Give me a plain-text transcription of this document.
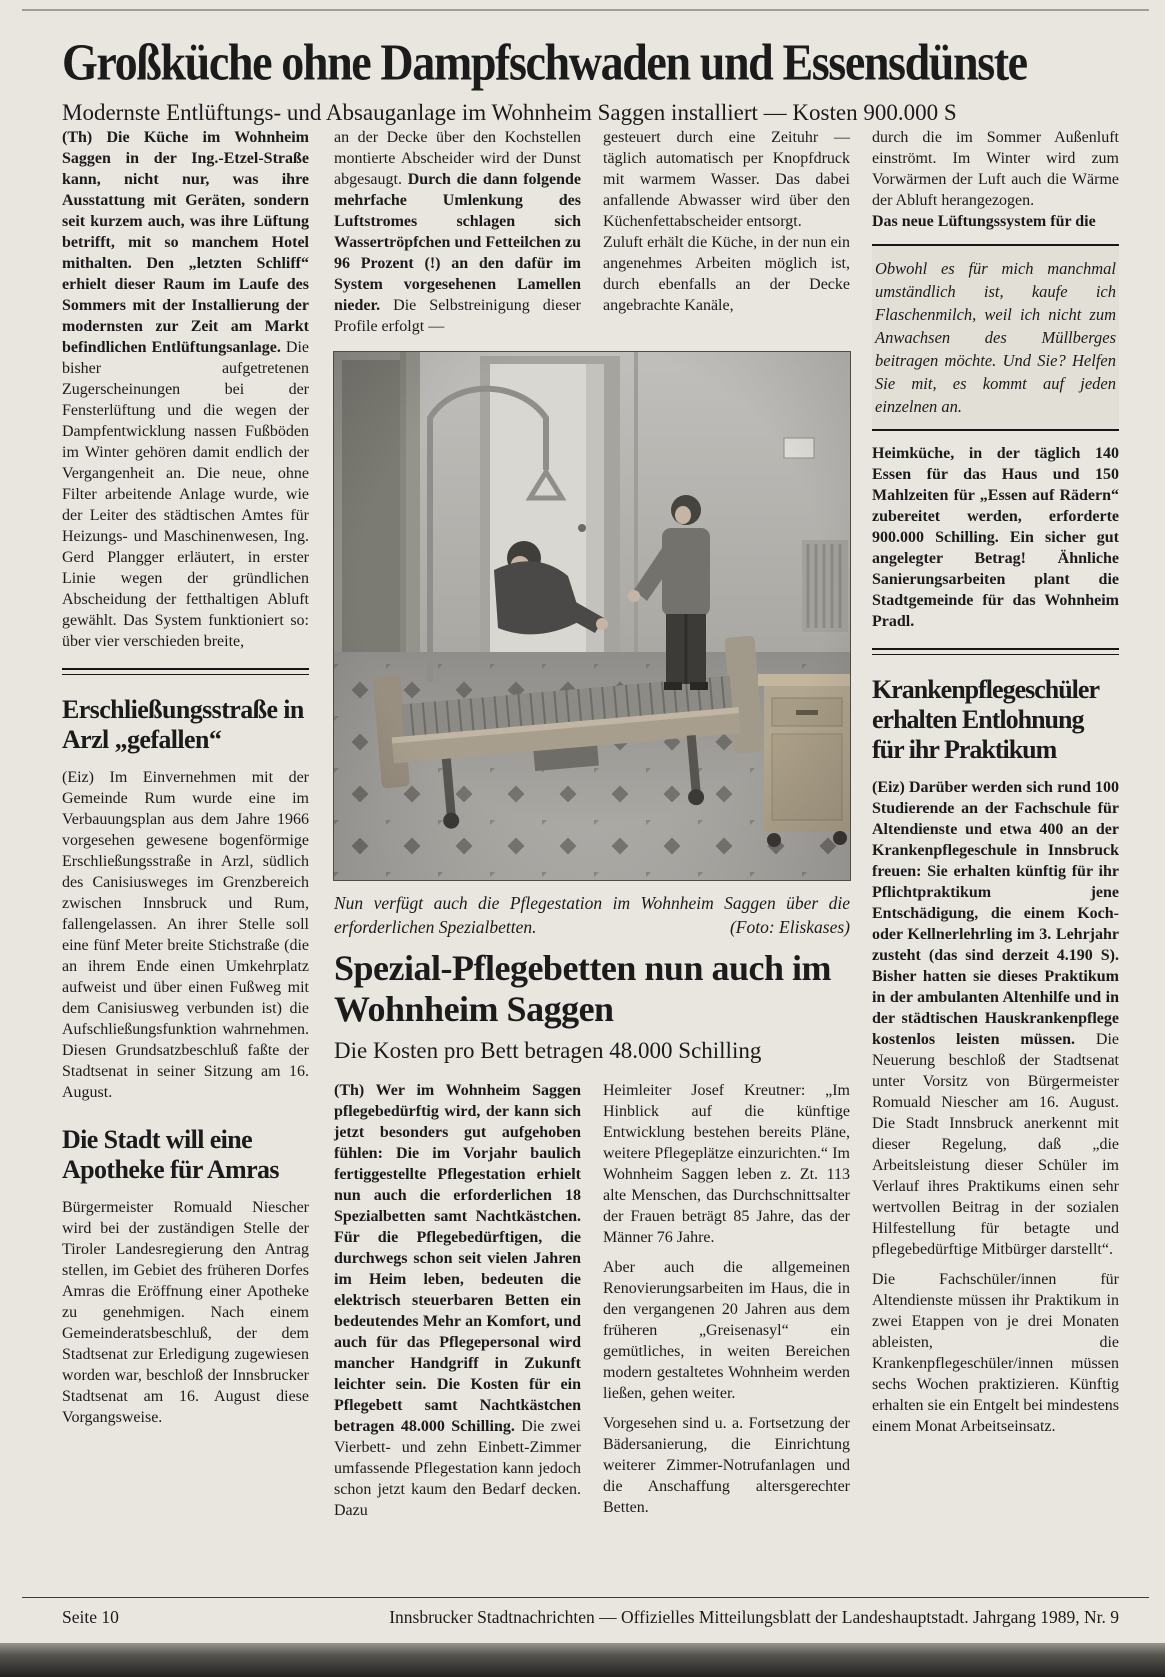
Großküche ohne Dampfschwaden und Essensdünste

Modernste Entlüftungs- und Absauganlage im Wohnheim Saggen installiert — Kosten 900.000 S

(Th) Die Küche im Wohnheim Saggen in der Ing.-Etzel-Straße kann, nicht nur, was ihre Ausstattung mit Geräten, sondern seit kurzem auch, was ihre Lüftung betrifft, mit so manchem Hotel mithalten. Den „letzten Schliff“ erhielt dieser Raum im Laufe des Sommers mit der Installierung der modernsten zur Zeit am Markt befindlichen Entlüftungsanlage. Die bisher aufgetretenen Zugerscheinungen bei der Fensterlüftung und die wegen der Dampfentwicklung nassen Fußböden im Winter gehören damit endlich der Vergangenheit an. Die neue, ohne Filter arbeitende Anlage wurde, wie der Leiter des städtischen Amtes für Heizungs- und Maschinenwesen, Ing. Gerd Plangger erläutert, in erster Linie wegen der gründlichen Abscheidung der fetthaltigen Abluft gewählt. Das System funktioniert so: über vier verschieden breite,

Erschließungsstraße in Arzl „gefallen“

(Eiz) Im Einvernehmen mit der Gemeinde Rum wurde eine im Verbauungsplan aus dem Jahre 1966 vorgesehen gewesene bogenförmige Erschließungsstraße in Arzl, südlich des Canisiusweges im Grenzbereich zwischen Innsbruck und Rum, fallengelassen. An ihrer Stelle soll eine fünf Meter breite Stichstraße (die an ihrem Ende einen Umkehrplatz aufweist und über einen Fußweg mit dem Canisiusweg verbunden ist) die Aufschließungsfunktion wahrnehmen. Diesen Grundsatzbeschluß faßte der Stadtsenat in seiner Sitzung am 16. August.

Die Stadt will eine Apotheke für Amras

Bürgermeister Romuald Niescher wird bei der zuständigen Stelle der Tiroler Landesregierung den Antrag stellen, im Gebiet des früheren Dorfes Amras die Eröffnung einer Apotheke zu genehmigen. Nach einem Gemeinderatsbeschluß, der dem Stadtsenat zur Erledigung zugewiesen worden war, beschloß der Innsbrucker Stadtsenat am 16. August diese Vorgangsweise.

an der Decke über den Kochstellen montierte Abscheider wird der Dunst abgesaugt. Durch die dann folgende mehrfache Umlenkung des Luftstromes schlagen sich Wassertröpfchen und Fetteilchen zu 96 Prozent (!) an den dafür im System vorgesehenen Lamellen nieder. Die Selbstreinigung dieser Profile erfolgt —

gesteuert durch eine Zeituhr — täglich automatisch per Knopfdruck mit warmem Wasser. Das dabei anfallende Abwasser wird über den Küchenfettabscheider entsorgt.

Zuluft erhält die Küche, in der nun ein angenehmes Arbeiten möglich ist, durch ebenfalls an der Decke angebrachte Kanäle,

durch die im Sommer Außenluft einströmt. Im Winter wird zum Vorwärmen der Luft auch die Wärme der Abluft herangezogen.

Das neue Lüftungssystem für die

Obwohl es für mich manchmal umständlich ist, kaufe ich Flaschenmilch, weil ich nicht zum Anwachsen des Müllberges beitragen möchte. Und Sie? Helfen Sie mit, es kommt auf jeden einzelnen an.

Heimküche, in der täglich 140 Essen für das Haus und 150 Mahlzeiten für „Essen auf Rädern“ zubereitet werden, erforderte 900.000 Schilling. Ein sicher gut angelegter Betrag! Ähnliche Sanierungsarbeiten plant die Stadtgemeinde für das Wohnheim Pradl.

Krankenpflegeschüler erhalten Entlohnung für ihr Praktikum

(Eiz) Darüber werden sich rund 100 Studierende an der Fachschule für Altendienste und etwa 400 an der Krankenpflegeschule in Innsbruck freuen: Sie erhalten künftig für ihr Pflichtpraktikum jene Entschädigung, die einem Koch- oder Kellnerlehrling im 3. Lehrjahr zusteht (das sind derzeit 4.190 S). Bisher hatten sie dieses Praktikum in der ambulanten Altenhilfe und in der städtischen Hauskrankenpflege kostenlos leisten müssen. Die Neuerung beschloß der Stadtsenat unter Vorsitz von Bürgermeister Romuald Niescher am 16. August. Die Stadt Innsbruck anerkennt mit dieser Regelung, daß „die Arbeitsleistung dieser Schüler im Verlauf ihres Praktikums einen sehr wertvollen Beitrag in der sozialen Hilfestellung für betagte und pflegebedürftige Mitbürger darstellt“.

Die Fachschüler/innen für Altendienste müssen ihr Praktikum in zwei Etappen von je drei Monaten ableisten, die Krankenpflegeschüler/innen müssen sechs Wochen praktizieren. Künftig erhalten sie ein Entgelt bei mindestens einem Monat Arbeitseinsatz.

Nun verfügt auch die Pflegestation im Wohnheim Saggen über die erforderlichen Spezialbetten.	(Foto: Eliskases)

Spezial-Pflegebetten nun auch im Wohnheim Saggen

Die Kosten pro Bett betragen 48.000 Schilling

(Th) Wer im Wohnheim Saggen pflegebedürftig wird, der kann sich jetzt besonders gut aufgehoben fühlen: Die im Vorjahr baulich fertiggestellte Pflegestation erhielt nun auch die erforderlichen 18 Spezialbetten samt Nachtkästchen. Für die Pflegebedürftigen, die durchwegs schon seit vielen Jahren im Heim leben, bedeuten die elektrisch steuerbaren Betten ein bedeutendes Mehr an Komfort, und auch für das Pflegepersonal wird mancher Handgriff in Zukunft leichter sein. Die Kosten für ein Pflegebett samt Nachtkästchen betragen 48.000 Schilling. Die zwei Vierbett- und zehn Einbett-Zimmer umfassende Pflegestation kann jedoch schon jetzt kaum den Bedarf decken. Dazu

Heimleiter Josef Kreutner: „Im Hinblick auf die künftige Entwicklung bestehen bereits Pläne, weitere Pflegeplätze einzurichten.“ Im Wohnheim Saggen leben z. Zt. 113 alte Menschen, das Durchschnittsalter der Frauen beträgt 85 Jahre, das der Männer 76 Jahre.

Aber auch die allgemeinen Renovierungsarbeiten im Haus, die in den vergangenen 20 Jahren aus dem früheren „Greisenasyl“ ein gemütliches, in weiten Bereichen modern gestaltetes Wohnheim werden ließen, gehen weiter.

Vorgesehen sind u. a. Fortsetzung der Bädersanierung, die Einrichtung weiterer Zimmer-Notrufanlagen und die Anschaffung altersgerechter Betten.

Seite 10	Innsbrucker Stadtnachrichten — Offizielles Mitteilungsblatt der Landeshauptstadt. Jahrgang 1989, Nr. 9
